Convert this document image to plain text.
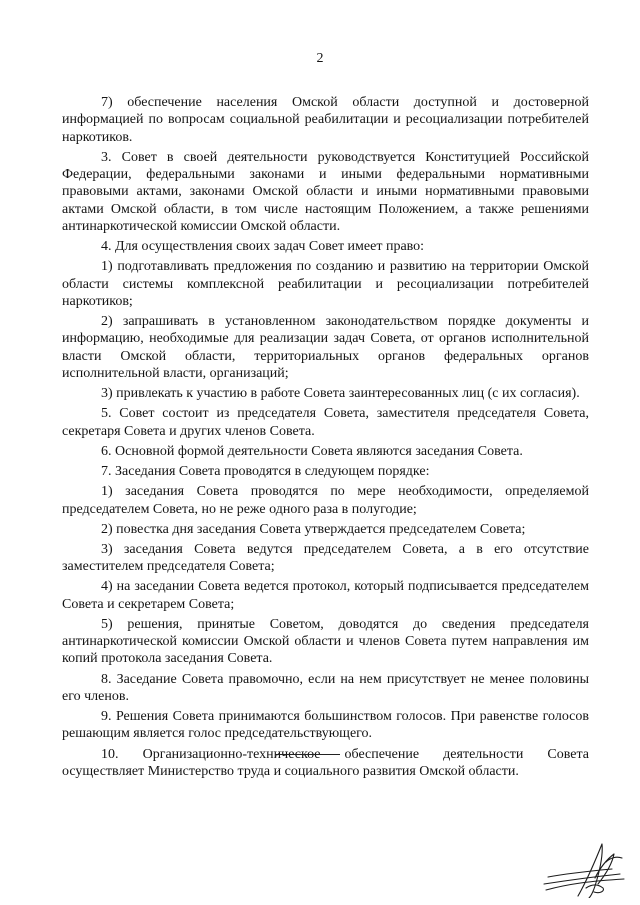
2

7) обеспечение населения Омской области доступной и достоверной информацией по вопросам социальной реабилитации и ресоциализации потребителей наркотиков.

3. Совет в своей деятельности руководствуется Конституцией Российской Федерации, федеральными законами и иными федеральными нормативными правовыми актами, законами Омской области и иными нормативными правовыми актами Омской области, в том числе настоящим Положением, а также решениями антинаркотической комиссии Омской области.

4. Для осуществления своих задач Совет имеет право:

1) подготавливать предложения по созданию и развитию на территории Омской области системы комплексной реабилитации и ресоциализации потребителей наркотиков;

2) запрашивать в установленном законодательством порядке документы и информацию, необходимые для реализации задач Совета, от органов исполнительной власти Омской области, территориальных органов федеральных органов исполнительной власти, организаций;

3) привлекать к участию в работе Совета заинтересованных лиц (с их согласия).

5. Совет состоит из председателя Совета, заместителя председателя Совета, секретаря Совета и других членов Совета.

6. Основной формой деятельности Совета являются заседания Совета.

7. Заседания Совета проводятся в следующем порядке:

1) заседания Совета проводятся по мере необходимости, определяемой председателем Совета, но не реже одного раза в полугодие;

2) повестка дня заседания Совета утверждается председателем Совета;

3) заседания Совета ведутся председателем Совета, а в его отсутствие заместителем председателя Совета;

4) на заседании Совета ведется протокол, который подписывается председателем Совета и секретарем Совета;

5) решения, принятые Советом, доводятся до сведения председателя антинаркотической комиссии Омской области и членов Совета путем направления им копий протокола заседания Совета.

8. Заседание Совета правомочно, если на нем присутствует не менее половины его членов.

9. Решения Совета принимаются большинством голосов. При равенстве голосов решающим является голос председательствующего.

10. Организационно-техническое обеспечение деятельности Совета осуществляет Министерство труда и социального развития Омской области.
